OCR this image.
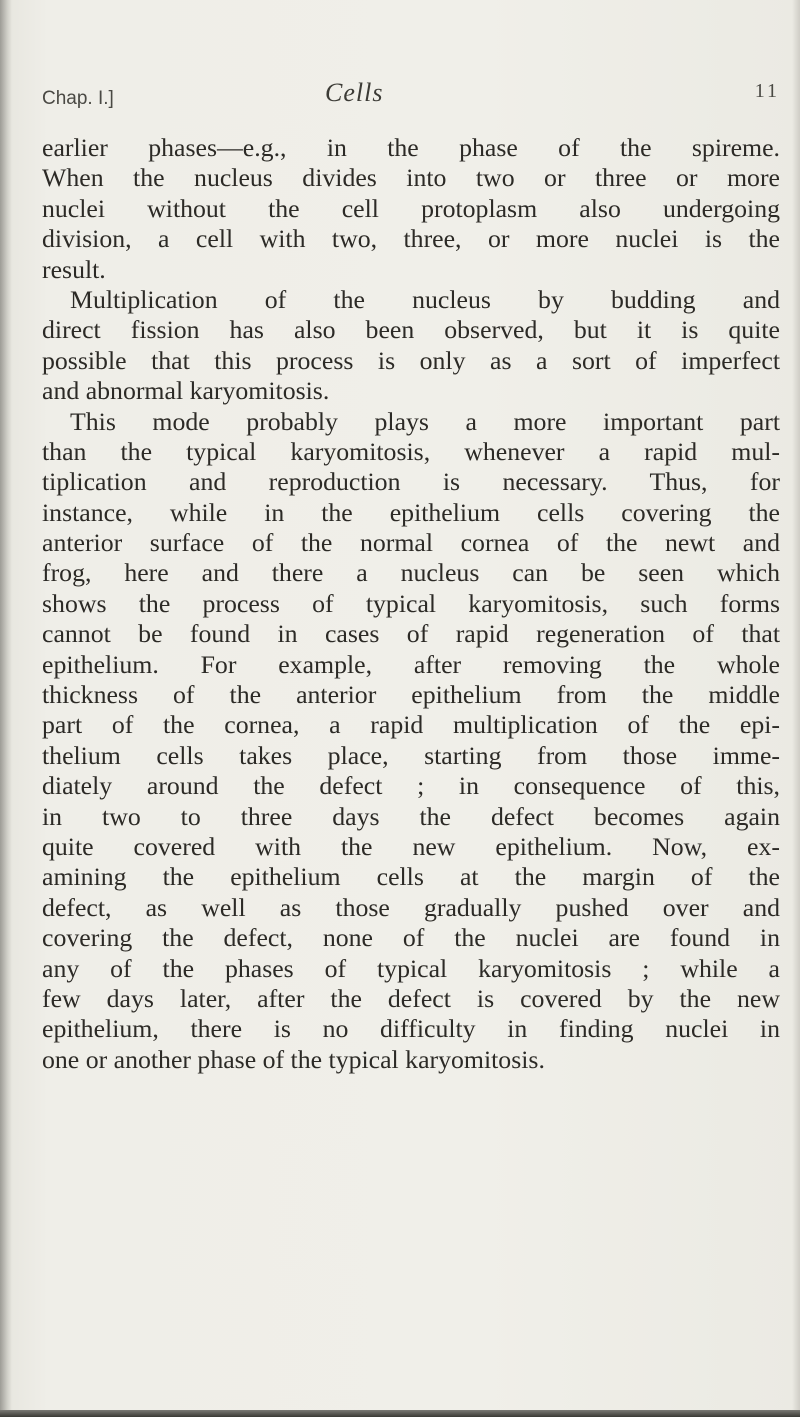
Chap. I.]	Cells	11
earlier phases—e.g., in the phase of the spireme.
When the nucleus divides into two or three or more
nuclei without the cell protoplasm also undergoing
division, a cell with two, three, or more nuclei is the
result.
Multiplication of the nucleus by budding and
direct fission has also been observed, but it is quite
possible that this process is only as a sort of imperfect
and abnormal karyomitosis.
This mode probably plays a more important part
than the typical karyomitosis, whenever a rapid mul-
tiplication and reproduction is necessary. Thus, for
instance, while in the epithelium cells covering the
anterior surface of the normal cornea of the newt and
frog, here and there a nucleus can be seen which
shows the process of typical karyomitosis, such forms
cannot be found in cases of rapid regeneration of that
epithelium. For example, after removing the whole
thickness of the anterior epithelium from the middle
part of the cornea, a rapid multiplication of the epi-
thelium cells takes place, starting from those imme-
diately around the defect ; in consequence of this,
in two to three days the defect becomes again
quite covered with the new epithelium. Now, ex-
amining the epithelium cells at the margin of the
defect, as well as those gradually pushed over and
covering the defect, none of the nuclei are found in
any of the phases of typical karyomitosis ; while a
few days later, after the defect is covered by the new
epithelium, there is no difficulty in finding nuclei in
one or another phase of the typical karyomitosis.
